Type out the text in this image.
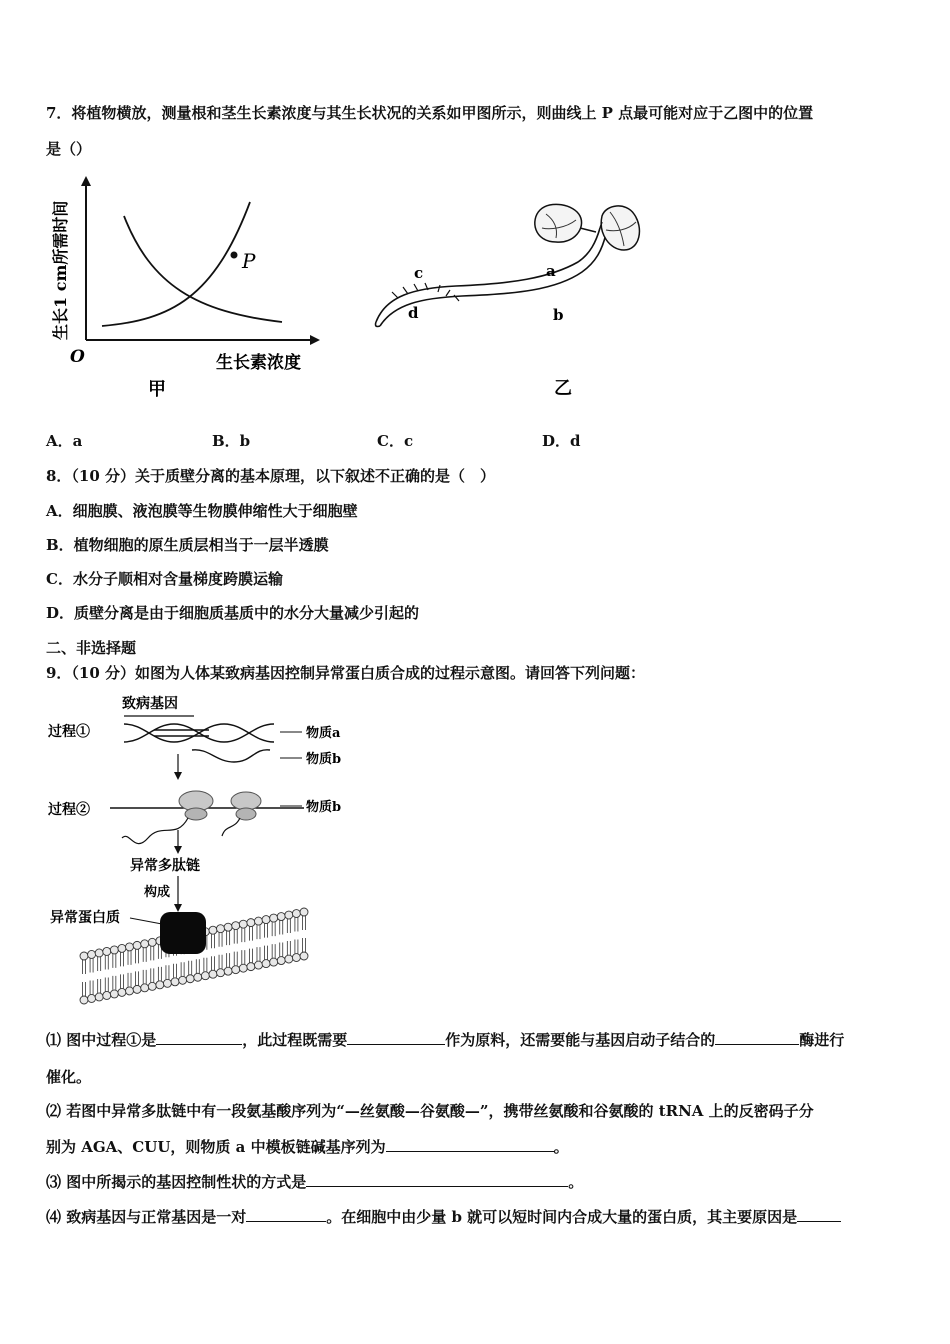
7．将植物横放，测量根和茎生长素浓度与其生长状况的关系如甲图所示，则曲线上 P 点最可能对应于乙图中的位置
是（）
P
O	生长素浓度
生长1 cm所需时间
甲
a
b
c
d
乙
A．a	B．b	C．c	D．d
8．（10 分）关于质壁分离的基本原理，以下叙述不正确的是（　）
A．细胞膜、液泡膜等生物膜伸缩性大于细胞壁
B．植物细胞的原生质层相当于一层半透膜
C．水分子顺相对含量梯度跨膜运输
D．质壁分离是由于细胞质基质中的水分大量减少引起的
二、非选择题
9．（10 分）如图为人体某致病基因控制异常蛋白质合成的过程示意图。请回答下列问题：
致病基因
过程①	物质a
物质b
过程②	物质b
异常多肽链
构成
异常蛋白质
⑴ 图中过程①是	，此过程既需要	作为原料，还需要能与基因启动子结合的	酶进行
催化。
⑵ 若图中异常多肽链中有一段氨基酸序列为“—丝氨酸—谷氨酸—”，携带丝氨酸和谷氨酸的 tRNA 上的反密码子分
别为 AGA、CUU，则物质 a 中模板链碱基序列为	。
⑶ 图中所揭示的基因控制性状的方式是	。
⑷ 致病基因与正常基因是一对	。在细胞中由少量 b 就可以短时间内合成大量的蛋白质，其主要原因是
